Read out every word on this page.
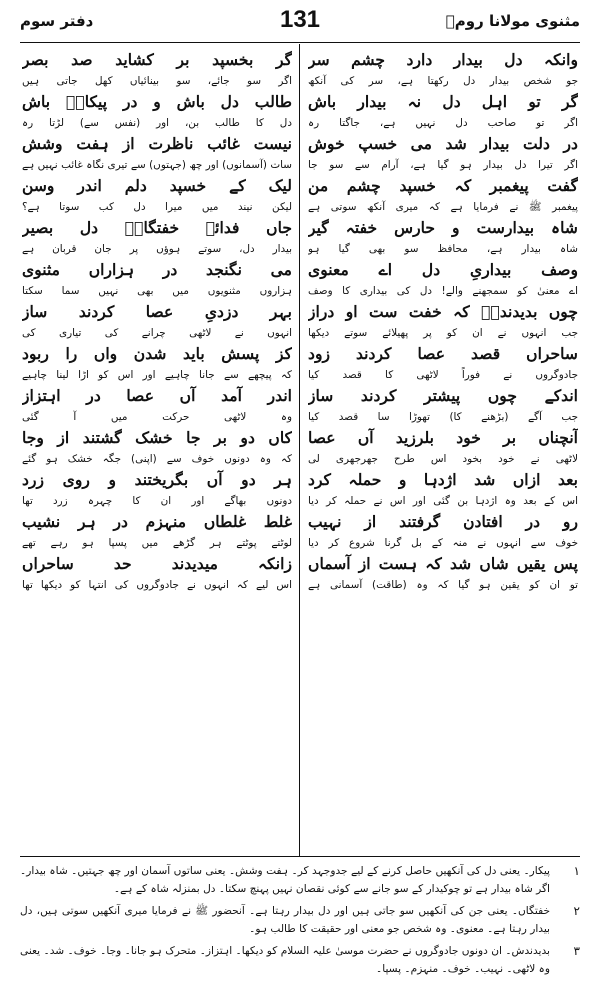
مثنوی مولانا رومؒ
131
دفتر سوم
وانکہ دل بیدار دارد چشم سر
جو شخص بیدار دل رکھتا ہے، سر کی آنکھ
گر تو اہل دل نہ بیدار باش
اگر تو صاحب دل نہیں ہے، جاگتا رہ
در دلت بیدار شد می خسپ خوش
اگر تیرا دل بیدار ہو گیا ہے، آرام سے سو جا
گفت پیغمبر کہ خسپد چشم من
پیغمبر ﷺ نے فرمایا ہے کہ میری آنکھ سوتی ہے
شاہ بیدارست و حارس خفتہ گیر
شاہ بیدار ہے، محافظ سو بھی گیا ہو
وصف بیداریِ دل اے معنوی
اے معنیٰ کو سمجھنے والے! دل کی بیداری کا وصف
چوں بدیدندشؔ کہ خفت ست او دراز
جب انہوں نے ان کو پر پھیلائے سوتے دیکھا
ساحراں قصد عصا کردند زود
جادوگروں نے فوراً لاٹھی کا قصد کیا
اندکے چوں پیشتر کردند ساز
جب آگے (بڑھنے کا) تھوڑا سا قصد کیا
آنچناں بر خود بلرزید آں عصا
لاٹھی نے خود بخود اس طرح جھرجھری لی
بعد ازاں شد اژدہا و حملہ کرد
اس کے بعد وہ اژدہا بن گئی اور اس نے حملہ کر دیا
رو در افتادن گرفتند از نہیب
خوف سے انہوں نے منہ کے بل گرنا شروع کر دیا
پس یقیں شاں شد کہ ہست از آسماں
تو ان کو یقین ہو گیا کہ وہ (طاقت) آسمانی ہے
گر بخسپد بر کشاید صد بصر
اگر سو جائے، سو بینائیاں کھل جاتی ہیں
طالب دل باش و در پیکارؔ باش
دل کا طالب بن، اور (نفس سے) لڑتا رہ
نیست غائب ناظرت از ہفت وشش
سات (آسمانوں) اور چھ (جہتوں) سے تیری نگاہ غائب نہیں ہے
لیک کے خسپد دلم اندر وسن
لیکن نیند میں میرا دل کب سوتا ہے؟
جاں فدائے خفتگاںؔ دل بصیر
بیدار دل، سوتے ہوؤں پر جان قربان ہے
می نگنجد در ہزاراں مثنوی
ہزاروں مثنویوں میں بھی نہیں سما سکتا
بہر دزدیِ عصا کردند ساز
انہوں نے لاٹھی چرانے کی تیاری کی
کز پسش باید شدن واں را ربود
کہ پیچھے سے جانا چاہیے اور اس کو اڑا لینا چاہیے
اندر آمد آں عصا در اہتزاز
وہ لاٹھی حرکت میں آ گئی
کاں دو بر جا خشک گشتند از وجا
کہ وہ دونوں خوف سے (اپنی) جگہ خشک ہو گئے
ہر دو آں بگریختند و روی زرد
دونوں بھاگے اور ان کا چہرہ زرد تھا
غلط غلطاں منہزم در ہر نشیب
لوٹتے پوٹتے ہر گڑھے میں پسپا ہو رہے تھے
زانکہ میدیدند حد ساحراں
اس لیے کہ انہوں نے جادوگروں کی انتہا کو دیکھا تھا
۱
پیکار۔ یعنی دل کی آنکھیں حاصل کرنے کے لیے جدوجہد کر۔ ہفت وشش۔ یعنی ساتوں آسمان اور چھ جہتیں۔ شاہ بیدار۔ اگر شاہ بیدار ہے تو چوکیدار کے سو جانے سے کوئی نقصان نہیں پہنچ سکتا۔ دل بمنزلہ شاہ کے ہے۔
۲
خفتگاں۔ یعنی جن کی آنکھیں سو جاتی ہیں اور دل بیدار رہتا ہے۔ آنحضور ﷺ نے فرمایا میری آنکھیں سوتی ہیں، دل بیدار رہتا ہے۔ معنوی۔ وہ شخص جو معنی اور حقیقت کا طالب ہو۔
۳
بدیدندش۔ ان دونوں جادوگروں نے حضرت موسیٰ علیہ السلام کو دیکھا۔ اہتزاز۔ متحرک ہو جانا۔ وجا۔ خوف۔ شد۔ یعنی وہ لاٹھی۔ نہیب۔ خوف۔ منہزم۔ پسپا۔
